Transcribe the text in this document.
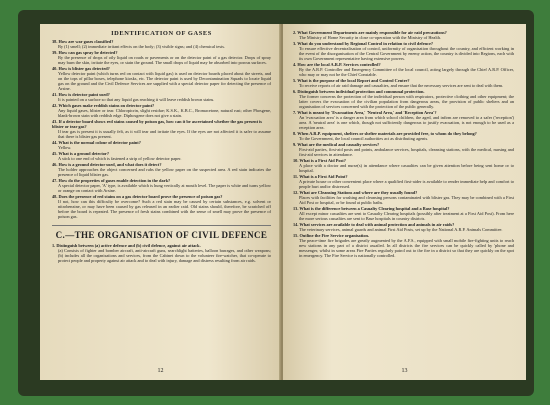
IDENTIFICATION OF GASES
38. How are war gases classified?
By (1) smell; (2) immediate irritant effects on the body; (3) visible signs; and (4) chemical tests.
39. How can gas spray be detected?
By the presence of drops of oily liquid on roads or pavements or on the detector paint of a gas detector. Drops of spray may burn the skin, irritate the eyes, or stain the ground. The small drops of liquid may be absorbed into porous surfaces.
40. How is blister gas detected?
Yellow detector paint (which turns red on contact with liquid gas) is used on detector boards placed about the streets, and on the tops of pillar boxes, telephone kiosks, etc. The detector paint is used by Decontamination Squads to locate liquid gas on the ground and the Civil Defence Services are supplied with a special detector paper for detecting the presence of Arsine.
41. How is detector paint used?
It is painted on a surface so that any liquid gas reaching it will leave reddish brown stains.
42. Which gases make reddish stains on detector paint?
Any liquid gases, blister or tear. Chloropicrin, slight residue; K.S.K., K.B.C., Bromacetone, natural rust; other Phosgene, blank-brown stain with reddish edge. Diphosgene does not give a stain.
43. If a detector board shows red stains caused by poison gas, how can it be ascertained whether the gas present is blister or tear gas?
If tear gas is present it is usually felt, as it will tear and irritate the eyes. If the eyes are not affected it is safer to assume that there is blister gas present.
44. What is the normal colour of detector paint?
Yellow.
45. What is a ground detector?
A stick to one end of which is fastened a strip of yellow detector paper.
46. How is a ground detector used, and what does it detect?
The holder approaches the object concerned and rubs the yellow paper on the suspected area. A red stain indicates the presence of liquid blister gas.
47. How do the properties of gases enable detection in the dark?
A special detector paper, 'A' type, is available which is hung vertically at mouth level. The paper is white and turns yellow or orange on contact with Arsine.
48. Does the presence of red stains on a gas detector board prove the presence of poison gas?
If not, how can this difficulty be overcome? Such a red stain may be caused by certain substances, e.g. solvent or nitrobenzine, or may have been caused by gas released in an earlier raid. Old stains should, therefore, be scratched off before the board is repeated. The presence of fresh stains combined with the sense of smell may prove the presence of poison gas.
C.—THE ORGANISATION OF CIVIL DEFENCE
1. Distinguish between (a) active defence and (b) civil defence, against air attack.
(a) Consists of fighter and bomber aircraft, anti-aircraft guns, searchlight batteries, balloon barrages, and other weapons; (b) includes all the organisations and services, from the Cabinet down to the volunteer fire-watcher, that co-operate to protect people and property against air attack and to deal with injury, damage and distress resulting from air raids.
12
2. What Government Departments are mainly responsible for air raid precautions?
The Ministry of Home Security in close co-operation with the Ministry of Health.
3. What do you understand by Regional Control in relation to civil defence?
To ensure effective decentralisation of control, uniformity of organisation throughout the country, and efficient working in the event of the disorganisation of the Central Government by enemy action, the country is divided into Regions, each with its own Government representative having extensive powers.
4. How are the local A.R.P. Services controlled?
By the A.R.P. Controller and Emergency Committee of the local council, acting largely through the Chief A.R.P. Officer, who may or may not be the Chief Constable.
5. What is the purpose of the local Report and Control Centre?
To receive reports of air raid damage and casualties, and ensure that the necessary services are sent to deal with them.
6. Distinguish between individual protection and communal protection.
The former concerns the protection of the individual person with respirators, protective clothing and other equipment; the latter covers the evacuation of the civilian population from dangerous areas, the provision of public shelters and an organisation of services concerned with the protection of the public generally.
7. What is meant by 'Evacuation Area,' 'Neutral Area,' and 'Reception Area'?
An 'evacuation area' is a danger area from which school children, the aged, and infirm are removed to a safer ('reception') area. A 'neutral area' is one which, though not sufficiently dangerous to justify evacuation, is not enough to be used as a reception area.
8. When A.R.P. equipment, shelters or shelter materials are provided free, to whom do they belong?
To the Government, the local council authorities act as distributing agents.
9. What are the medical and casualty services?
First-aid parties, first-aid posts and points, ambulance services, hospitals, cleansing stations, with the medical, nursing and first-aid services in attendance.
10. What is a First Aid Post?
A place with a doctor and nurse(s) in attendance where casualties can be given attention before being sent home or to hospital.
11. What is a First Aid Point?
A private house or other convenient place where a qualified first-aider is available to render immediate help and comfort to people hurt and/or distressed.
12. What are Cleansing Stations and where are they usually found?
Places with facilities for washing and cleansing persons contaminated with blister gas. They may be combined with a First Aid Post or hospital, or be found at public baths.
13. What is the difference between a Casualty Clearing hospital and a Base hospital?
All except minor casualties are sent to Casualty Clearing hospitals (possibly after treatment at a First Aid Post). From here the more serious casualties are sent to Base hospitals in country districts.
14. What services are available to deal with animal protection and animals in air raids?
The veterinary services, animal guards and animal First Aid Posts, set up by the National A.R.P. Animals Committee.
15. Outline the Fire Service organisation.
The peace-time fire brigades are greatly augmented by the A.F.S., equipped with small mobile fire-fighting units to reach new stations in any part of a district assailed. In all districts the fire services can be quickly called by 'phone and messenger, whilst in some areas Fire Parties regularly patrol out to the fire in a district so that they are quickly on the spot in emergency. The Fire Service is nationally controlled.
13
